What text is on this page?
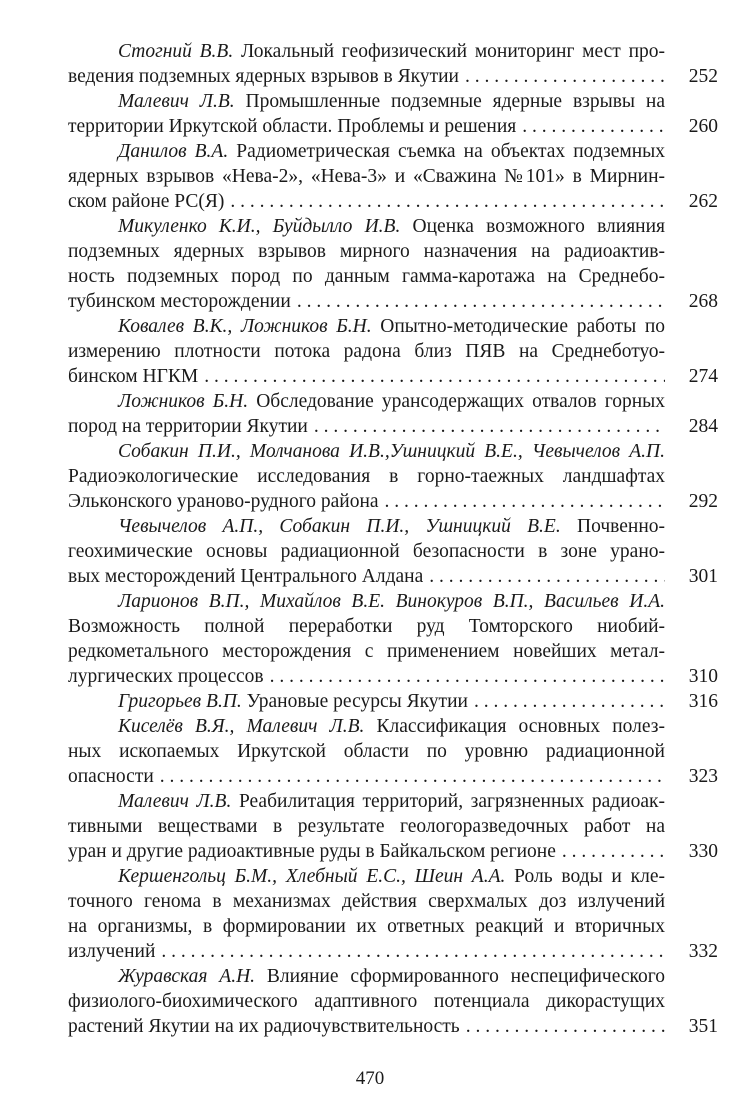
Стогний В.В. Локальный геофизический мониторинг мест про-
ведения подземных ядерных взрывов в Якутии . . .	252
Малевич Л.В. Промышленные подземные ядерные взрывы на
территории Иркутской области. Проблемы и решения . . .	260
Данилов В.А. Радиометрическая съемка на объектах подземных
ядерных взрывов «Нева-2», «Нева-3» и «Сважина №101» в Мирнин-
ском районе РС(Я) . . .	262
Микуленко К.И., Буйдылло И.В. Оценка возможного влияния
подземных ядерных взрывов мирного назначения на радиоактив-
ность подземных пород по данным гамма-каротажа на Среднебо-
тубинском месторождении . . .	268
Ковалев В.К., Ложников Б.Н. Опытно-методические работы по
измерению плотности потока радона близ ПЯВ на Среднеботуо-
бинском НГКМ . . .	274
Ложников Б.Н. Обследование урансодержащих отвалов горных
пород на территории Якутии . . .	284
Собакин П.И., Молчанова И.В.,Ушницкий В.Е., Чевычелов А.П.
Радиоэкологические исследования в горно-таежных ландшафтах
Эльконского ураново-рудного района . . .	292
Чевычелов А.П., Собакин П.И., Ушницкий В.Е. Почвенно-
геохимические основы радиационной безопасности в зоне урано-
вых месторождений Центрального Алдана . . .	301
Ларионов В.П., Михайлов В.Е. Винокуров В.П., Васильев И.А.
Возможность полной переработки руд Томторского ниобий-
редкометального месторождения с применением новейших метал-
лургических процессов . . .	310
Григорьев В.П. Урановые ресурсы Якутии . . .	316
Киселёв В.Я., Малевич Л.В. Классификация основных полез-
ных ископаемых Иркутской области по уровню радиационной
опасности . . .	323
Малевич Л.В. Реабилитация территорий, загрязненных радиоак-
тивными веществами в результате геологоразведочных работ на
уран и другие радиоактивные руды в Байкальском регионе . . .	330
Кершенгольц Б.М., Хлебный Е.С., Шеин А.А. Роль воды и кле-
точного генома в механизмах действия сверхмалых доз излучений
на организмы, в формировании их ответных реакций и вторичных
излучений . . .	332
Журавская А.Н. Влияние сформированного неспецифического
физиолого-биохимического адаптивного потенциала дикорастущих
растений Якутии на их радиочувствительность . . .	351
470
